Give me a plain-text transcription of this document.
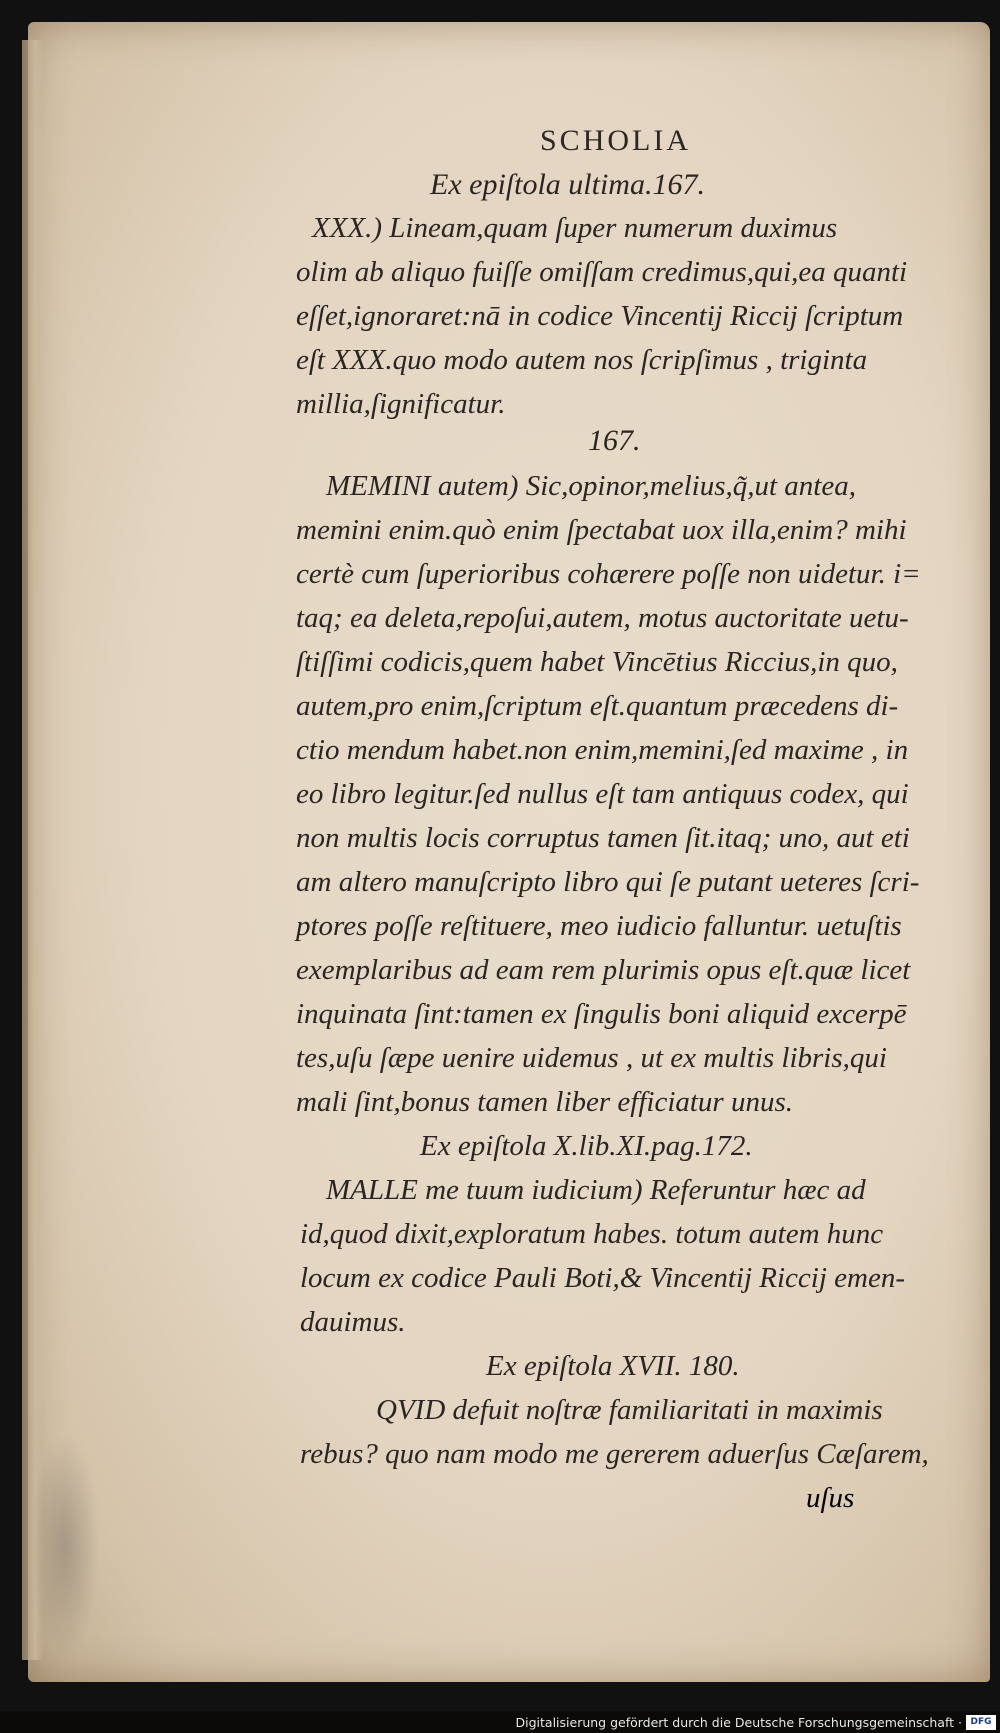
SCHOLIA
Ex epiſtola ultima.167.
XXX.) Lineam,quam ſuper numerum duximus
olim ab aliquo fuiſſe omiſſam credimus,qui,ea quanti
eſſet,ignoraret:nā in codice Vincentij Riccij ſcriptum
eſt XXX.quo modo autem nos ſcripſimus , triginta
millia,ſignificatur.
167.
MEMINI autem) Sic,opinor,melius,q̃,ut antea,
memini enim.quò enim ſpectabat uox illa,enim? mihi
certè cum ſuperioribus cohærere poſſe non uidetur. i=
taq; ea deleta,repoſui,autem, motus auctoritate uetu-
ſtiſſimi codicis,quem habet Vincētius Riccius,in quo,
autem,pro enim,ſcriptum eſt.quantum præcedens di-
ctio mendum habet.non enim,memini,ſed maxime , in
eo libro legitur.ſed nullus eſt tam antiquus codex, qui
non multis locis corruptus tamen ſit.itaq; uno, aut eti
am altero manuſcripto libro qui ſe putant ueteres ſcri-
ptores poſſe reſtituere, meo iudicio falluntur. uetuſtis
exemplaribus ad eam rem plurimis opus eſt.quæ licet
inquinata ſint:tamen ex ſingulis boni aliquid excerpē
tes,uſu ſæpe uenire uidemus , ut ex multis libris,qui
mali ſint,bonus tamen liber efficiatur unus.
Ex epiſtola X.lib.XI.pag.172.
MALLE me tuum iudicium) Referuntur hæc ad
id,quod dixit,exploratum habes. totum autem hunc
locum ex codice Pauli Boti,& Vincentij Riccij emen-
dauimus.
Ex epiſtola XVII. 180.
QVID defuit noſtræ familiaritati in maximis
rebus? quo nam modo me gererem aduerſus Cæſarem,
uſus
Digitalisierung gefördert durch die Deutsche Forschungsgemeinschaft · DFG
